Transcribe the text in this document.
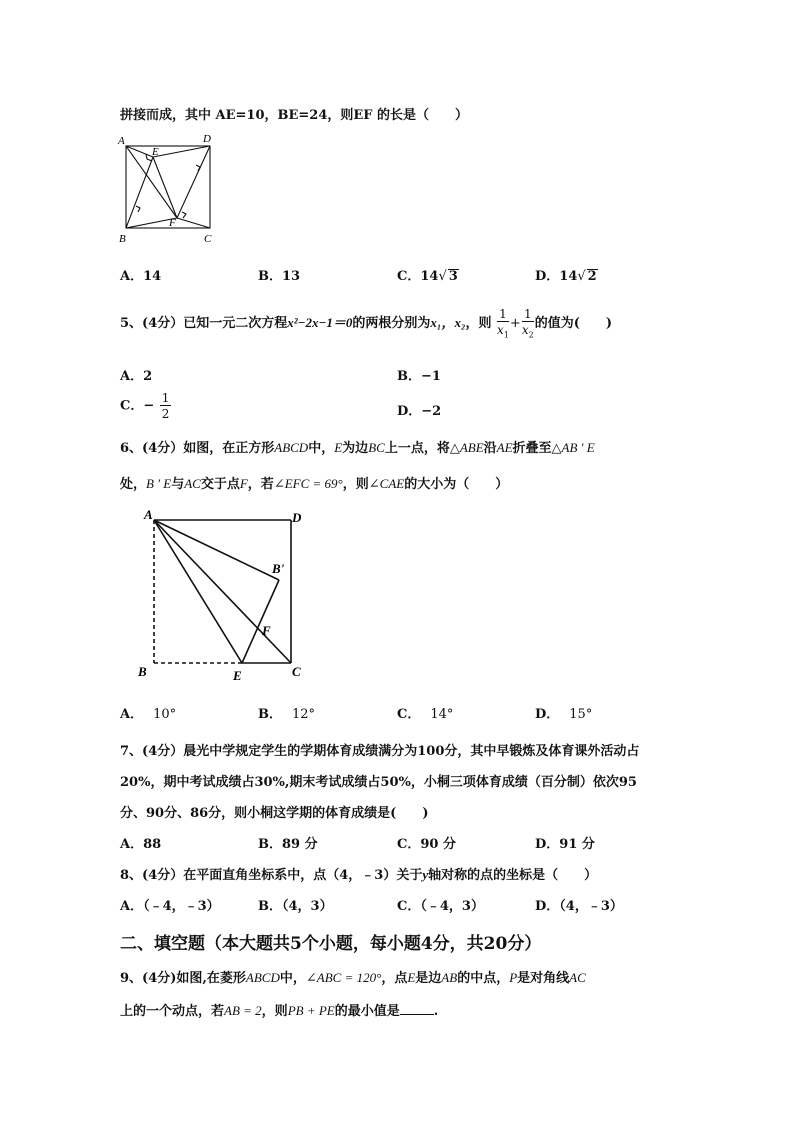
拼接而成，其中 AE=10，BE=24，则EF 的长是（　　）
A	D
E
F
B	C
A．14	B．13	C．14√ 3	D．14√ 2
5、(4分）已知一元二次方程x²−2x−1＝0的两根分别为x₁，x₂，则 $\frac{1}{x_1} + \frac{1}{x_2}$ 的值为(　　)
A．2	B．−1
C．− $\frac{1}{2}$	D．−2
6、(4分）如图，在正方形ABCD中，E为边BC上一点，将△ABE沿AE折叠至△AB ' E
处，B ' E与AC交于点F，若∠EFC = 69°，则∠CAE的大小为（　　）
A	D
B'
F
B	E	C
A． 10°	B． 12°	C． 14°	D． 15°
7、(4分）晨光中学规定学生的学期体育成绩满分为100分，其中早锻炼及体育课外活动占
20%，期中考试成绩占30%,期末考试成绩占50%，小桐三项体育成绩（百分制）依次95
分、90分、86分，则小桐这学期的体育成绩是(　　)
A．88	B．89 分	C．90 分	D．91 分
8、(4分）在平面直角坐标系中，点（4，﹣3）关于y轴对称的点的坐标是（　　）
A．（﹣4，﹣3）	B．（4，3）	C．（﹣4，3）	D．（4，﹣3）
二、填空题（本大题共5个小题，每小题4分，共20分）
9、(4分)如图,在菱形ABCD中，∠ABC = 120°，点E是边AB的中点，P是对角线AC
上的一个动点，若AB = 2，则PB + PE的最小值是	.
